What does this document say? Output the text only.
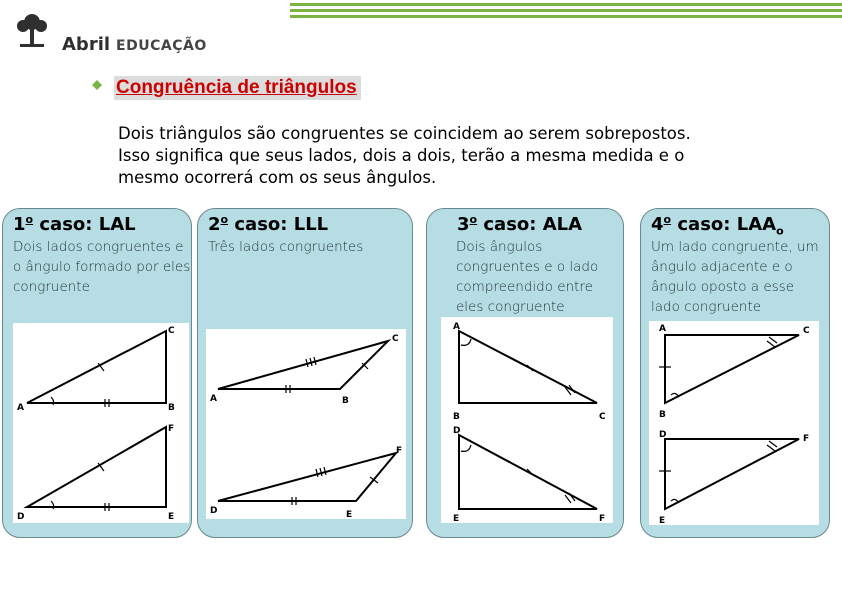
Abril EDUCAÇÃO
Congruência de triângulos
Dois triângulos são congruentes se coincidem ao serem sobrepostos. Isso significa que seus lados, dois a dois, terão a mesma medida e o mesmo ocorrerá com os seus ângulos.
1$^o$ caso: LAL
Dois lados congruentes e o ângulo formado por eles congruente
A	B
C
D	E
F
2$^o$ caso: LLL
Três lados congruentes
A	B
C
D	E
F
3$^o$ caso: ALA
Dois ângulos congruentes e o lado compreendido entre eles congruente
A
B	C
D
E	F
4$^o$ caso: $LAA_o$
Um lado congruente, um ângulo adjacente e o ângulo oposto a esse lado congruente
A
B
C
D
E
F
